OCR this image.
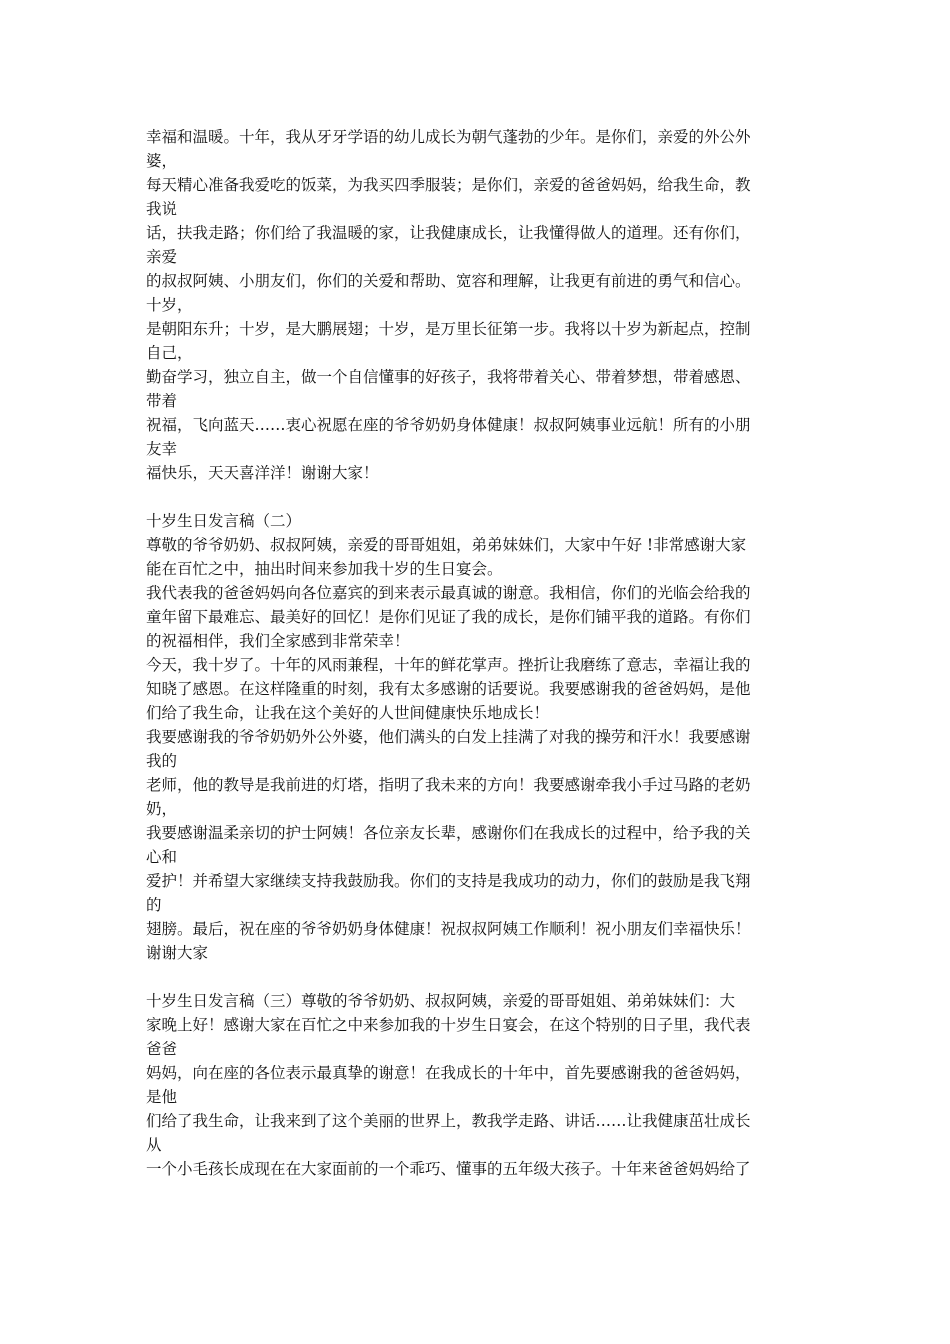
幸福和温暖。十年，我从牙牙学语的幼儿成长为朝气蓬勃的少年。是你们，亲爱的外公外
婆，
每天精心准备我爱吃的饭菜，为我买四季服装；是你们，亲爱的爸爸妈妈，给我生命，教
我说
话，扶我走路；你们给了我温暖的家，让我健康成长，让我懂得做人的道理。还有你们，
亲爱
的叔叔阿姨、小朋友们，你们的关爱和帮助、宽容和理解，让我更有前进的勇气和信心。
十岁，
是朝阳东升；十岁，是大鹏展翅；十岁，是万里长征第一步。我将以十岁为新起点，控制
自己，
勤奋学习，独立自主，做一个自信懂事的好孩子，我将带着关心、带着梦想，带着感恩、
带着
祝福，飞向蓝天……衷心祝愿在座的爷爷奶奶身体健康！叔叔阿姨事业远航！所有的小朋
友幸
福快乐，天天喜洋洋！谢谢大家！
十岁生日发言稿（二）
尊敬的爷爷奶奶、叔叔阿姨，亲爱的哥哥姐姐，弟弟妹妹们，大家中午好 !非常感谢大家
能在百忙之中，抽出时间来参加我十岁的生日宴会。
我代表我的爸爸妈妈向各位嘉宾的到来表示最真诚的谢意。我相信，你们的光临会给我的
童年留下最难忘、最美好的回忆！是你们见证了我的成长，是你们铺平我的道路。有你们
的祝福相伴，我们全家感到非常荣幸！
今天，我十岁了。十年的风雨兼程，十年的鲜花掌声。挫折让我磨练了意志，幸福让我的
知晓了感恩。在这样隆重的时刻，我有太多感谢的话要说。我要感谢我的爸爸妈妈，是他
们给了我生命，让我在这个美好的人世间健康快乐地成长！
我要感谢我的爷爷奶奶外公外婆，他们满头的白发上挂满了对我的操劳和汗水！我要感谢
我的
老师，他的教导是我前进的灯塔，指明了我未来的方向！我要感谢牵我小手过马路的老奶
奶，
我要感谢温柔亲切的护士阿姨！各位亲友长辈，感谢你们在我成长的过程中，给予我的关
心和
爱护！并希望大家继续支持我鼓励我。你们的支持是我成功的动力，你们的鼓励是我飞翔
的
翅膀。最后，祝在座的爷爷奶奶身体健康！祝叔叔阿姨工作顺利！祝小朋友们幸福快乐！
谢谢大家
十岁生日发言稿（三）尊敬的爷爷奶奶、叔叔阿姨，亲爱的哥哥姐姐、弟弟妹妹们：大
家晚上好！感谢大家在百忙之中来参加我的十岁生日宴会，在这个特别的日子里，我代表
爸爸
妈妈，向在座的各位表示最真挚的谢意！在我成长的十年中，首先要感谢我的爸爸妈妈，
是他
们给了我生命，让我来到了这个美丽的世界上，教我学走路、讲话……让我健康茁壮成长
从
一个小毛孩长成现在在大家面前的一个乖巧、懂事的五年级大孩子。十年来爸爸妈妈给了
